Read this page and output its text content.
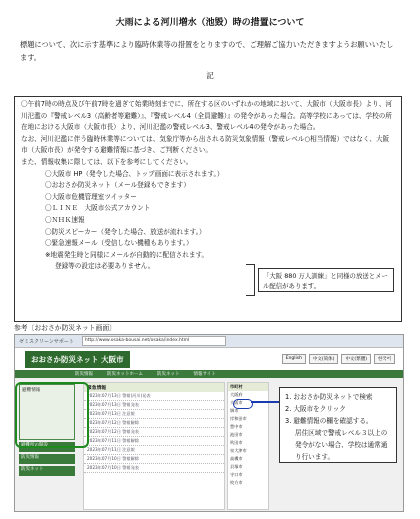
大雨による河川増水（池毀）時の措置について
標題について、次に示す基準により臨時休業等の措置をとりますので、ご理解ご協力いただきますようお願いいたします。
記

〇午前7時の時点及び午前7時を過ぎて始業時刻までに、所在する区のいずれかの地域において、大阪市（大阪市長）より、河川氾濫の『警戒レベル3（高齢者等避難）』、『警戒レベル4（全員避難）』の発令があった場合。高等学校にあっては、学校の所在地における大阪市（大阪市長）より、河川氾濫の警戒レベル3、警戒レベル4の発令があった場合。

なお、河川氾濫に伴う臨時休業等については、気象庁等から出される防災気象情報（警戒レベル○相当情報）ではなく、大阪市（大阪市長）が発令する避難情報に基づき、ご判断ください。

また、情報収集に際しては、以下を参考にしてください。

〇大阪市 HP（発令した場合、トップ画面に表示されます。）

〇おおさか防災ネット（メール登録もできます）

〇大阪市危機管理室ツイッター

〇ＬＩＮＥ　大阪市公式アカウント

〇ＮＨＫ速報

〇防災スピーカー（発令した場合、放送が流れます。）

〇緊急速報メール（受信しない機種もあります。）

※地震発生時と同様にメールが自動的に配信されます。

登録等の設定は必要ありません。

「大阪 880 万人訓練」と同様の放送とメール配信があります。
参考〔おおさか防災ネット画面〕
ゼミスクリーンサポート	http://www.osaka-bousai.net/osaka/index.html
おおさか防災ネット 大阪市	English	中文(简体)	中文(繁體)	한국어
防災情報	防災ネットホーム	防災ネット	情報サイト
避難情報
避難所の開設
防災情報
防災ネット
緊急情報
2023年07月13日 警報(河川)発表
2023年07月13日 警報発表
2023年07月13日 注意報
2023年07月12日 警報解除
2023年07月12日 警報発表
2023年07月11日 警報解除
2023年07月11日 注意報
2023年07月10日 警報解除
2023年07月10日 警報発表
市町村
大阪府
大阪市
堺市
岸和田市
豊中市
池田市
吹田市
泉大津市
高槻市
貝塚市
守口市
枚方市
1. おおさか防災ネットで検索
2. 大阪市をクリック
3. 避難情報の欄を確認する。
居住区域で警戒レベル３以上の発令がない場合、学校は通常通り行います。
